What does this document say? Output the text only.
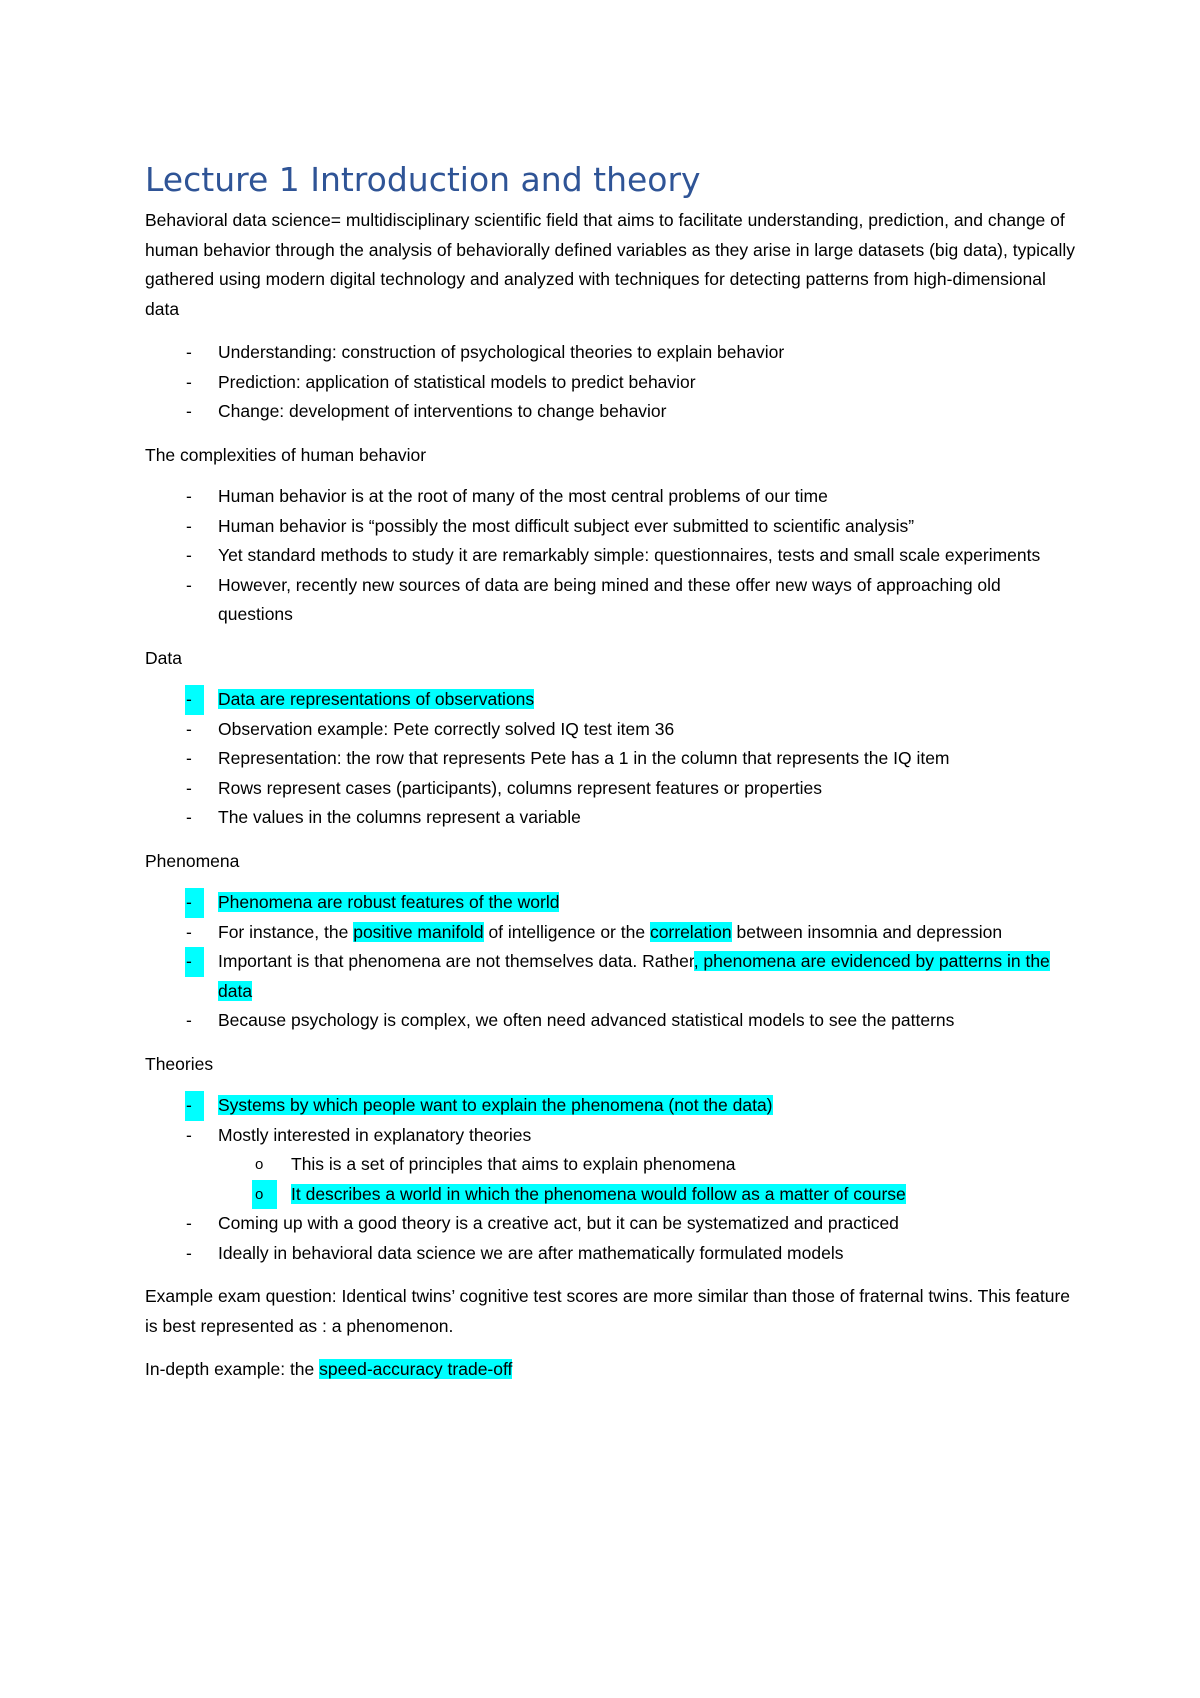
Lecture 1 Introduction and theory

Behavioral data science= multidisciplinary scientific field that aims to facilitate understanding, prediction, and change of human behavior through the analysis of behaviorally defined variables as they arise in large datasets (big data), typically gathered using modern digital technology and analyzed with techniques for detecting patterns from high-dimensional data

- Understanding: construction of psychological theories to explain behavior
- Prediction: application of statistical models to predict behavior
- Change: development of interventions to change behavior

The complexities of human behavior

- Human behavior is at the root of many of the most central problems of our time
- Human behavior is “possibly the most difficult subject ever submitted to scientific analysis”
- Yet standard methods to study it are remarkably simple: questionnaires, tests and small scale experiments
- However, recently new sources of data are being mined and these offer new ways of approaching old questions

Data

-	Data are representations of observations
- Observation example: Pete correctly solved IQ test item 36
- Representation: the row that represents Pete has a 1 in the column that represents the IQ item
- Rows represent cases (participants), columns represent features or properties
- The values in the columns represent a variable

Phenomena

-	Phenomena are robust features of the world
- For instance, the positive manifold of intelligence or the correlation between insomnia and depression
-	Important is that phenomena are not themselves data. Rather, phenomena are evidenced by patterns in the data
- Because psychology is complex, we often need advanced statistical models to see the patterns

Theories

-	Systems by which people want to explain the phenomena (not the data)
- Mostly interested in explanatory theories
o This is a set of principles that aims to explain phenomena
o	It describes a world in which the phenomena would follow as a matter of course
- Coming up with a good theory is a creative act, but it can be systematized and practiced
- Ideally in behavioral data science we are after mathematically formulated models

Example exam question: Identical twins’ cognitive test scores are more similar than those of fraternal twins. This feature is best represented as : a phenomenon.

In-depth example: the speed-accuracy trade-off
